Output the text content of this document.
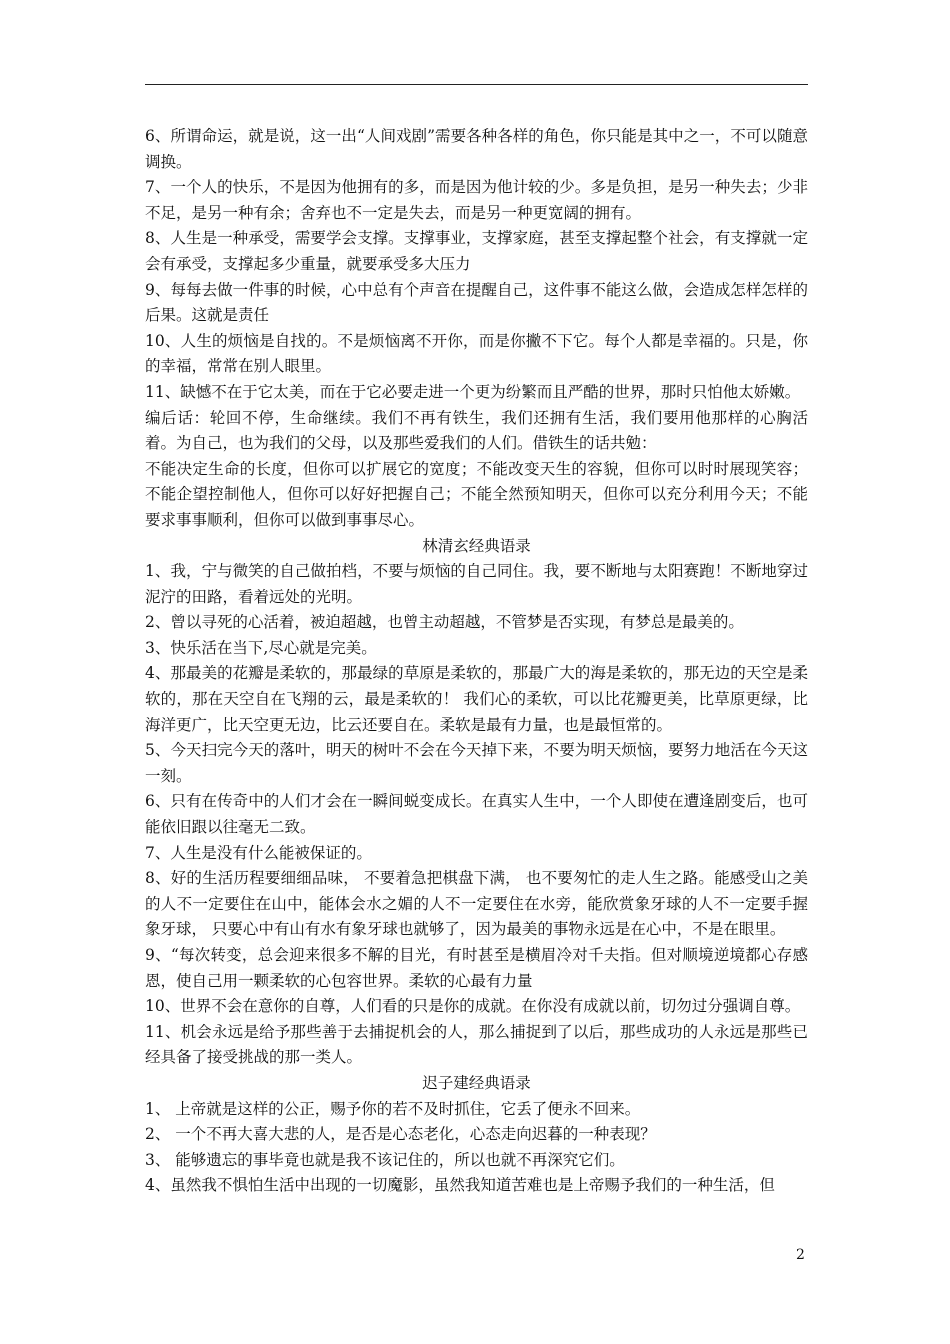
6、所谓命运，就是说，这一出“人间戏剧”需要各种各样的角色，你只能是其中之一，不可以随意调换。

7、一个人的快乐，不是因为他拥有的多，而是因为他计较的少。多是负担，是另一种失去；少非不足，是另一种有余；舍弃也不一定是失去，而是另一种更宽阔的拥有。

8、人生是一种承受，需要学会支撑。支撑事业，支撑家庭，甚至支撑起整个社会，有支撑就一定会有承受，支撑起多少重量，就要承受多大压力

9、每每去做一件事的时候，心中总有个声音在提醒自己，这件事不能这么做，会造成怎样怎样的后果。这就是责任

10、人生的烦恼是自找的。不是烦恼离不开你，而是你撇不下它。每个人都是幸福的。只是，你的幸福，常常在别人眼里。

11、缺憾不在于它太美，而在于它必要走进一个更为纷繁而且严酷的世界，那时只怕他太娇嫩。

编后话：轮回不停，生命继续。我们不再有铁生，我们还拥有生活，我们要用他那样的心胸活着。为自己，也为我们的父母，以及那些爱我们的人们。借铁生的话共勉：

不能决定生命的长度，但你可以扩展它的宽度；不能改变天生的容貌，但你可以时时展现笑容；不能企望控制他人，但你可以好好把握自己；不能全然预知明天，但你可以充分利用今天；不能要求事事顺利，但你可以做到事事尽心。

林清玄经典语录

1、我，宁与微笑的自己做拍档，不要与烦恼的自己同住。我，要不断地与太阳赛跑！不断地穿过泥泞的田路，看着远处的光明。

2、曾以寻死的心活着，被迫超越，也曾主动超越，不管梦是否实现，有梦总是最美的。

3、快乐活在当下,尽心就是完美。

4、那最美的花瓣是柔软的，那最绿的草原是柔软的，那最广大的海是柔软的，那无边的天空是柔软的，那在天空自在飞翔的云，最是柔软的！ 我们心的柔软，可以比花瓣更美，比草原更绿，比海洋更广，比天空更无边，比云还要自在。柔软是最有力量，也是最恒常的。

5、今天扫完今天的落叶，明天的树叶不会在今天掉下来，不要为明天烦恼，要努力地活在今天这一刻。

6、只有在传奇中的人们才会在一瞬间蜕变成长。在真实人生中，一个人即使在遭逢剧变后，也可能依旧跟以往毫无二致。

7、人生是没有什么能被保证的。

8、好的生活历程要细细品味， 不要着急把棋盘下满， 也不要匆忙的走人生之路。能感受山之美的人不一定要住在山中，能体会水之媚的人不一定要住在水旁，能欣赏象牙球的人不一定要手握象牙球， 只要心中有山有水有象牙球也就够了，因为最美的事物永远是在心中，不是在眼里。

9、“每次转变，总会迎来很多不解的目光，有时甚至是横眉冷对千夫指。但对顺境逆境都心存感恩，使自己用一颗柔软的心包容世界。柔软的心最有力量

10、世界不会在意你的自尊，人们看的只是你的成就。在你没有成就以前，切勿过分强调自尊。

11、机会永远是给予那些善于去捕捉机会的人，那么捕捉到了以后，那些成功的人永远是那些已经具备了接受挑战的那一类人。

迟子建经典语录

1、 上帝就是这样的公正，赐予你的若不及时抓住，它丢了便永不回来。

2、 一个不再大喜大悲的人，是否是心态老化，心态走向迟暮的一种表现？

3、 能够遗忘的事毕竟也就是我不该记住的，所以也就不再深究它们。

4、虽然我不惧怕生活中出现的一切魔影，虽然我知道苦难也是上帝赐予我们的一种生活，但

2
